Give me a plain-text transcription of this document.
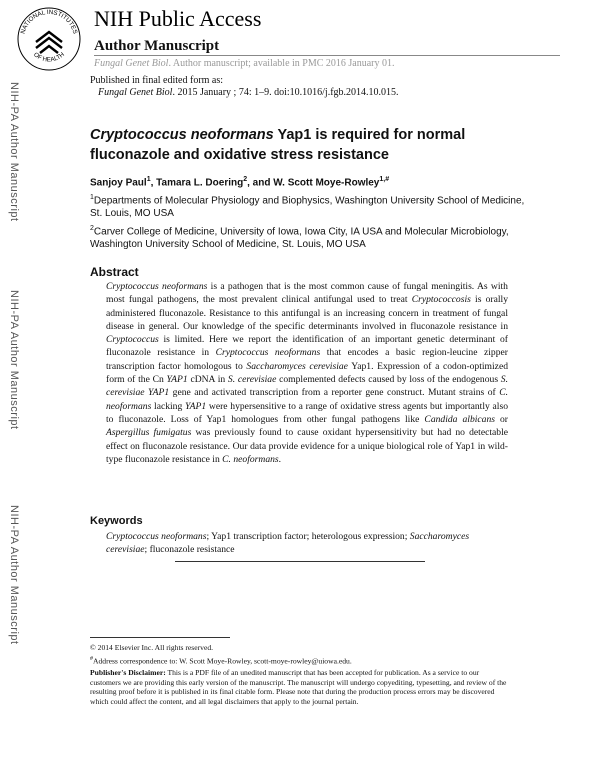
NATIONAL INSTITUTES
OF HEALTH
NIH Public Access
Author Manuscript
Fungal Genet Biol. Author manuscript; available in PMC 2016 January 01.
Published in final edited form as:
Fungal Genet Biol. 2015 January ; 74: 1–9. doi:10.1016/j.fgb.2014.10.015.
NIH-PA Author Manuscript
NIH-PA Author Manuscript
NIH-PA Author Manuscript
Cryptococcus neoformans Yap1 is required for normal fluconazole and oxidative stress resistance
Sanjoy Paul$^1$, Tamara L. Doering$^2$, and W. Scott Moye-Rowley$^{1,\#}$
$^1$Departments of Molecular Physiology and Biophysics, Washington University School of Medicine, St. Louis, MO USA
$^2$Carver College of Medicine, University of Iowa, Iowa City, IA USA and Molecular Microbiology, Washington University School of Medicine, St. Louis, MO USA
Abstract
Cryptococcus neoformans is a pathogen that is the most common cause of fungal meningitis. As with most fungal pathogens, the most prevalent clinical antifungal used to treat Cryptococcosis is orally administered fluconazole. Resistance to this antifungal is an increasing concern in treatment of fungal disease in general. Our knowledge of the specific determinants involved in fluconazole resistance in Cryptococcus is limited. Here we report the identification of an important genetic determinant of fluconazole resistance in Cryptococcus neoformans that encodes a basic region-leucine zipper transcription factor homologous to Saccharomyces cerevisiae Yap1. Expression of a codon-optimized form of the Cn YAP1 cDNA in S. cerevisiae complemented defects caused by loss of the endogenous S. cerevisiae YAP1 gene and activated transcription from a reporter gene construct. Mutant strains of C. neoformans lacking YAP1 were hypersensitive to a range of oxidative stress agents but importantly also to fluconazole. Loss of Yap1 homologues from other fungal pathogens like Candida albicans or Aspergillus fumigatus was previously found to cause oxidant hypersensitivity but had no detectable effect on fluconazole resistance. Our data provide evidence for a unique biological role of Yap1 in wild-type fluconazole resistance in C. neoformans.
Keywords
Cryptococcus neoformans; Yap1 transcription factor; heterologous expression; Saccharomyces cerevisiae; fluconazole resistance
© 2014 Elsevier Inc. All rights reserved.
#Address correspondence to: W. Scott Moye-Rowley, scott-moye-rowley@uiowa.edu.
Publisher's Disclaimer: This is a PDF file of an unedited manuscript that has been accepted for publication. As a service to our customers we are providing this early version of the manuscript. The manuscript will undergo copyediting, typesetting, and review of the resulting proof before it is published in its final citable form. Please note that during the production process errors may be discovered which could affect the content, and all legal disclaimers that apply to the journal pertain.
